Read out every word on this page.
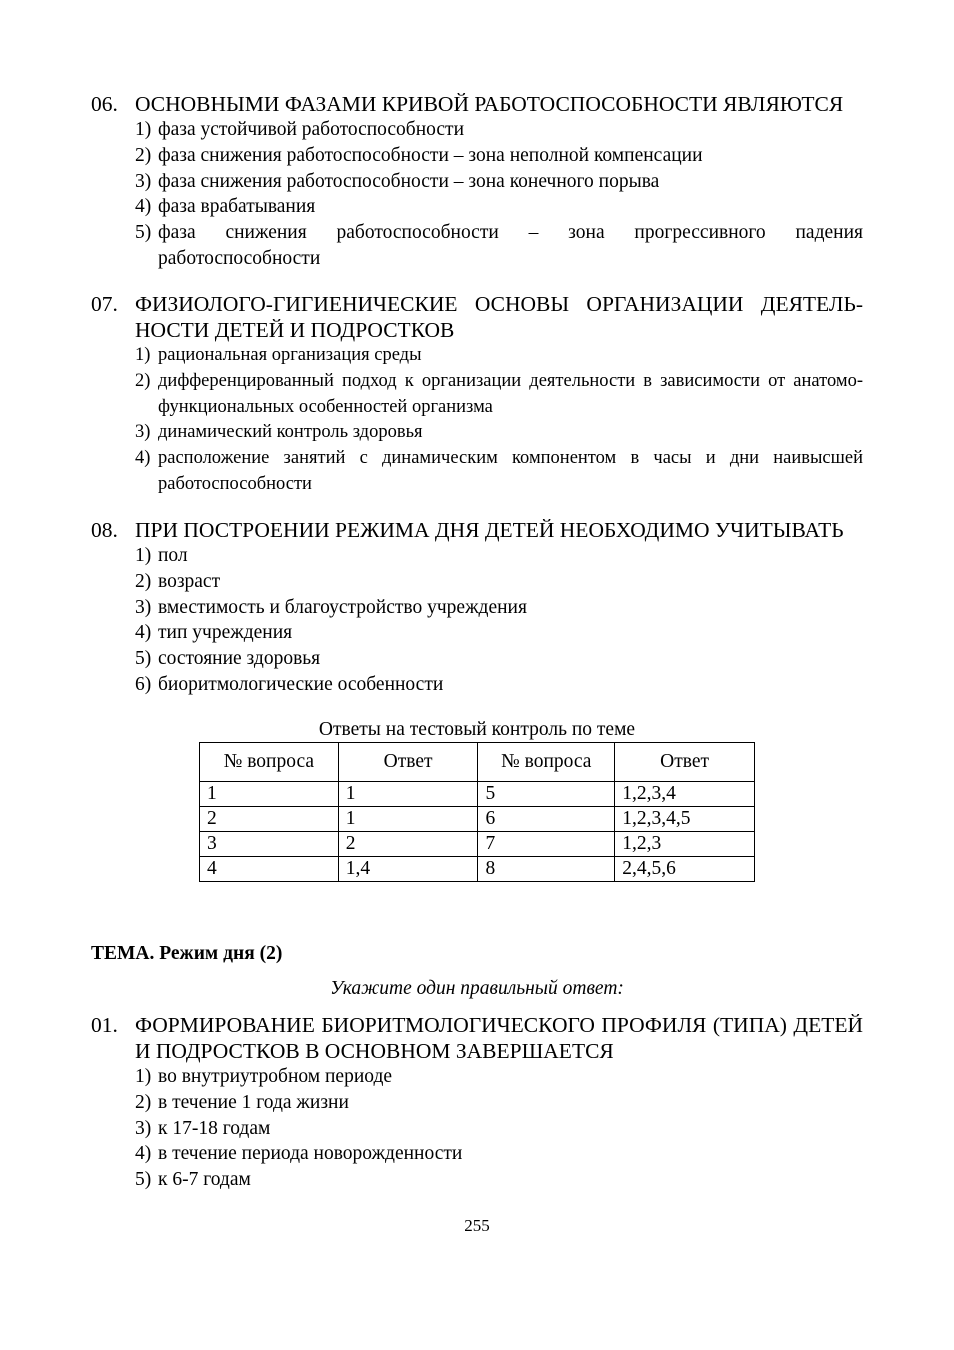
06. ОСНОВНЫМИ ФАЗАМИ КРИВОЙ РАБОТОСПОСОБНОСТИ ЯВЛЯЮТСЯ
1) фаза устойчивой работоспособности
2) фаза снижения работоспособности – зона неполной компенсации
3) фаза снижения работоспособности – зона конечного порыва
4) фаза врабатывания
5) фаза снижения работоспособности – зона прогрессивного падения работоспособности
07. ФИЗИОЛОГО-ГИГИЕНИЧЕСКИЕ ОСНОВЫ ОРГАНИЗАЦИИ ДЕЯТЕЛЬ-НОСТИ ДЕТЕЙ И ПОДРОСТКОВ
1) рациональная организация среды
2) дифференцированный подход к организации деятельности в зависимости от анатомо-функциональных особенностей организма
3) динамический контроль здоровья
4) расположение занятий с динамическим компонентом в часы и дни наивысшей работоспособности
08. ПРИ ПОСТРОЕНИИ РЕЖИМА ДНЯ ДЕТЕЙ НЕОБХОДИМО УЧИТЫВАТЬ
1) пол
2) возраст
3) вместимость и благоустройство учреждения
4) тип учреждения
5) состояние здоровья
6) биоритмологические особенности
Ответы на тестовый контроль по теме
№ вопроса	Ответ	№ вопроса	Ответ
1	1	5	1,2,3,4
2	1	6	1,2,3,4,5
3	2	7	1,2,3
4	1,4	8	2,4,5,6
ТЕМА. Режим дня (2)
Укажите один правильный ответ:
01. ФОРМИРОВАНИЕ БИОРИТМОЛОГИЧЕСКОГО ПРОФИЛЯ (ТИПА) ДЕТЕЙ И ПОДРОСТКОВ В ОСНОВНОМ ЗАВЕРШАЕТСЯ
1) во внутриутробном периоде
2) в течение 1 года жизни
3) к 17-18 годам
4) в течение периода новорожденности
5) к 6-7 годам
255
